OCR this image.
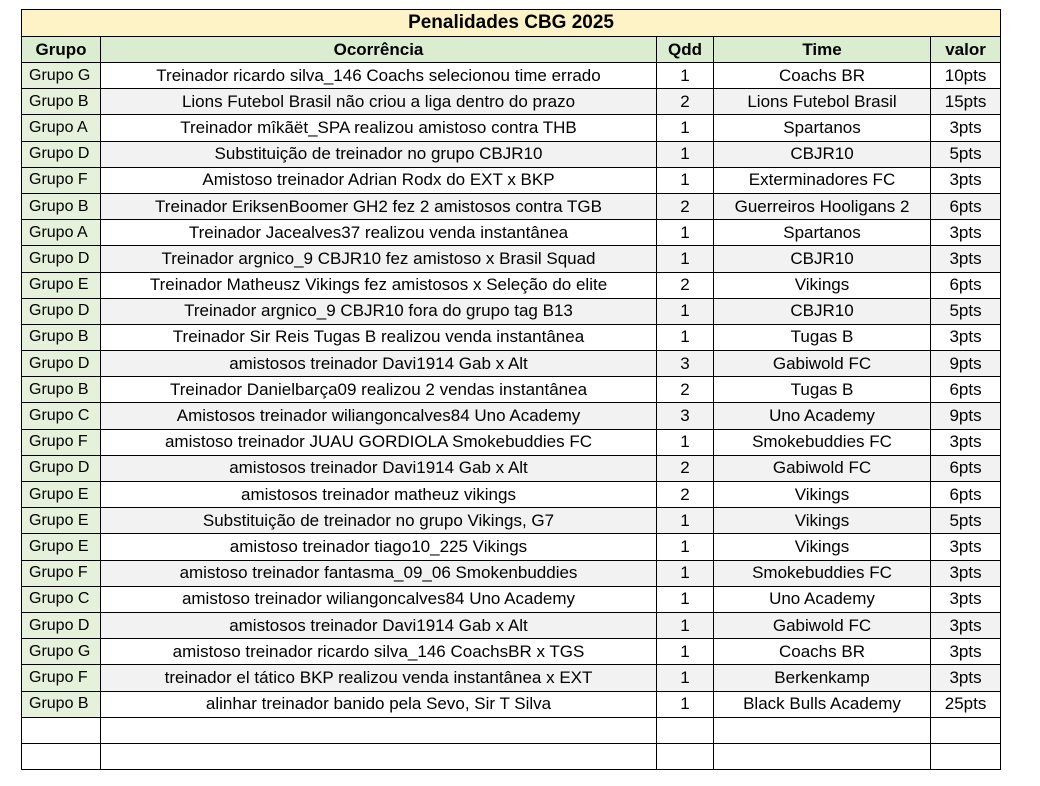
Penalidades CBG 2025				
Grupo	Ocorrência	Qdd	Time	valor
Grupo G	Treinador ricardo silva_146 Coachs selecionou time errado	1	Coachs BR	10pts
Grupo B	Lions Futebol Brasil não criou a liga dentro do prazo	2	Lions Futebol Brasil	15pts
Grupo A	Treinador mîkãët_SPA realizou amistoso contra THB	1	Spartanos	3pts
Grupo D	Substituição de treinador no grupo CBJR10	1	CBJR10	5pts
Grupo F	Amistoso treinador Adrian Rodx do EXT x BKP	1	Exterminadores FC	3pts
Grupo B	Treinador EriksenBoomer GH2 fez 2 amistosos contra TGB	2	Guerreiros Hooligans 2	6pts
Grupo A	Treinador Jacealves37 realizou venda instantânea	1	Spartanos	3pts
Grupo D	Treinador argnico_9 CBJR10 fez amistoso x Brasil Squad	1	CBJR10	3pts
Grupo E	Treinador Matheusz Vikings fez amistosos x Seleção do elite	2	Vikings	6pts
Grupo D	Treinador argnico_9 CBJR10 fora do grupo tag B13	1	CBJR10	5pts
Grupo B	Treinador Sir Reis Tugas B realizou venda instantânea	1	Tugas B	3pts
Grupo D	amistosos treinador Davi1914 Gab x Alt	3	Gabiwold FC	9pts
Grupo B	Treinador Danielbarça09 realizou 2 vendas instantânea	2	Tugas B	6pts
Grupo C	Amistosos treinador wiliangoncalves84 Uno Academy	3	Uno Academy	9pts
Grupo F	amistoso treinador JUAU GORDIOLA Smokebuddies FC	1	Smokebuddies FC	3pts
Grupo D	amistosos treinador Davi1914 Gab x Alt	2	Gabiwold FC	6pts
Grupo E	amistosos treinador matheuz vikings	2	Vikings	6pts
Grupo E	Substituição de treinador no grupo Vikings, G7	1	Vikings	5pts
Grupo E	amistoso treinador tiago10_225 Vikings	1	Vikings	3pts
Grupo F	amistoso treinador fantasma_09_06 Smokenbuddies	1	Smokebuddies FC	3pts
Grupo C	amistoso treinador wiliangoncalves84 Uno Academy	1	Uno Academy	3pts
Grupo D	amistosos treinador Davi1914 Gab x Alt	1	Gabiwold FC	3pts
Grupo G	amistoso treinador ricardo silva_146 CoachsBR x TGS	1	Coachs BR	3pts
Grupo F	treinador el tático BKP realizou venda instantânea x EXT	1	Berkenkamp	3pts
Grupo B	alinhar treinador banido pela Sevo, Sir T Silva	1	Black Bulls Academy	25pts
